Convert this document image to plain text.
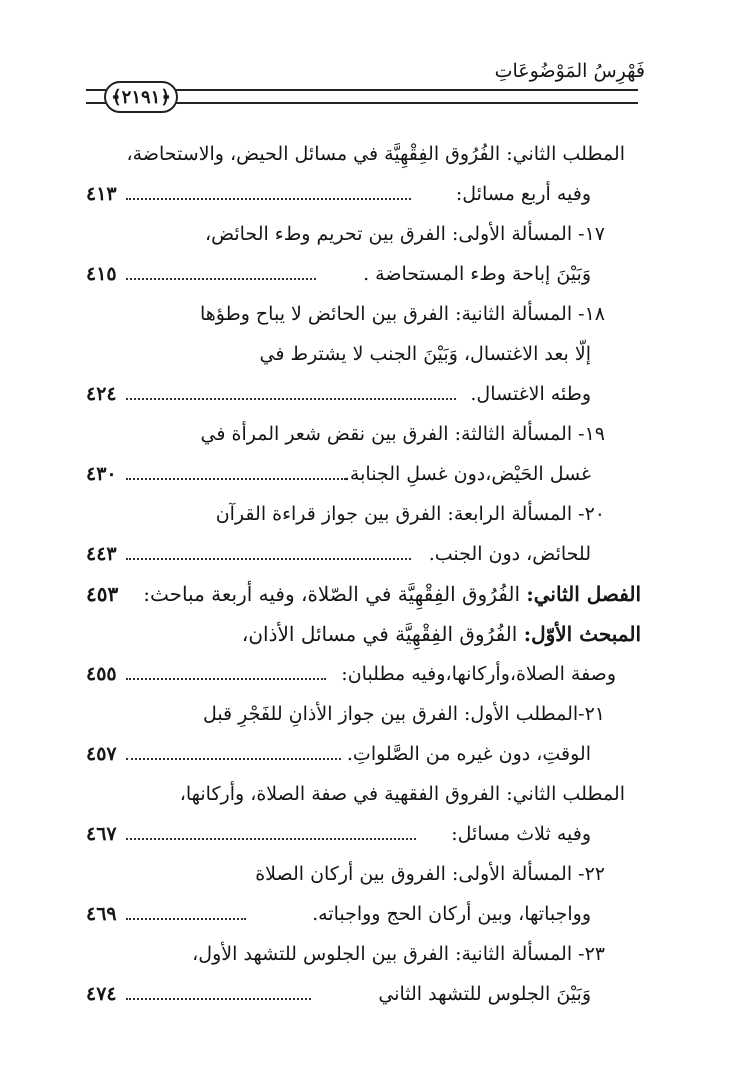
فَهْرِسُ المَوْضُوعَاتِ
﴿٢١٩١﴾
المطلب الثاني: الفُرُوق الفِقْهِيَّة في مسائل الحيض، والاستحاضة،
٤١٣	وفيه أربع مسائل:
١٧- المسألة الأولى: الفرق بين تحريم وطء الحائض،
٤١٥	وَبَيْنَ إباحة وطء المستحاضة .
١٨- المسألة الثانية: الفرق بين الحائض لا يباح وطؤها
إلّا بعد الاغتسال، وَبَيْنَ الجنب لا يشترط في
٤٢٤	وطئه الاغتسال.
١٩- المسألة الثالثة: الفرق بين نقض شعر المرأة في
٤٣٠	غسل الحَيْض،دون غسلِ الجنابة.
٢٠- المسألة الرابعة: الفرق بين جواز قراءة القرآن
٤٤٣	للحائض، دون الجنب.
٤٥٣	الفصل الثاني: الفُرُوق الفِقْهِيَّة في الصّلاة، وفيه أربعة مباحث:
المبحث الأوّل: الفُرُوق الفِقْهِيَّة في مسائل الأذان،
٤٥٥	وصفة الصلاة،وأركانها،وفيه مطلبان:
٢١-المطلب الأول: الفرق بين جواز الأذانِ للفَجْرِ قبل
٤٥٧	الوقتِ، دون غيره من الصَّلواتِ.
المطلب الثاني: الفروق الفقهية في صفة الصلاة، وأركانها،
٤٦٧	وفيه ثلاث مسائل:
٢٢- المسألة الأولى: الفروق بين أركان الصلاة
٤٦٩	وواجباتها، وبين أركان الحج وواجباته.
٢٣- المسألة الثانية: الفرق بين الجلوس للتشهد الأول،
٤٧٤	وَبَيْنَ الجلوس للتشهد الثاني
